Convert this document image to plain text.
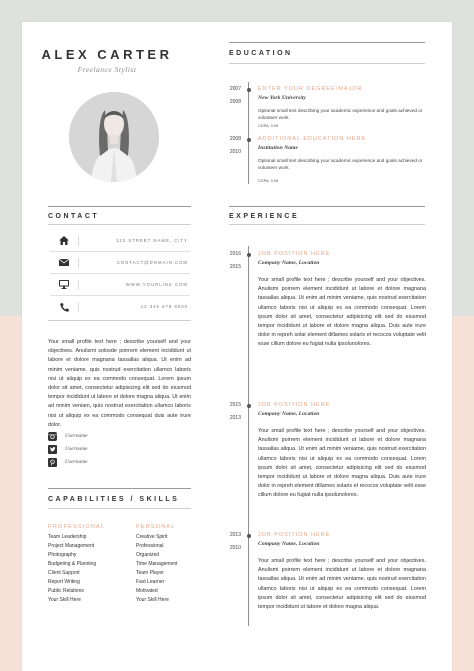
ALEX CARTER
Freelance Stylist
CONTACT
123 STREET NAME, CITY
CONTACT@DOMAIN.COM
WWW.YOURLINK.COM
12 345 678 9000
Your small profile text here ; describe yourself and your objectives. Anulismi solosde poirrem element incididunt ut labore et dolore magnana tassallas aliqua. Ut enim ad minim veniame, quis nostrud exercitation ullamco laboris nisi ut aliquip ex ea commodo consequat. Lorem ipsum dolor sit amet, consectetur adipisicing elit sed do eiusmod tempor incididunt ut labore et dolore magna aliqua. Ut enim ad minim veniam, quis nostrud exercitation ullamco laboris nisi ut aliquip ex ea commodo consequat duis aute irure dolor.
Username
Username
Username
CAPABILITIES / SKILLS
PROFESSIONAL	PERSONAL
Team Leadership
Project Management
Photography
Budgeting & Planning
Client Support
Report Writing
Public Relations
Your Skill Here
Creative Spirit
Professional
Organized
Time Management
Team Player
Fast Learner
Motivated
Your Skill Here
EDUCATION
2007
2008
ENTER YOUR DEGREE/MAJOR
New York University
Optional small text describing your academic experience and goals achieved or volunteer work.
CGPA: 3.95
2008
2010
ADDITIONAL EDUCATION HERE
Institution Name
Optional small text describing your academic experience and goals achieved or volunteer work.
CGPA: 3.95
EXPERIENCE
2016
2015
JOB POSITION HERE
Company Name, Location
Your small profile text here ; describe yourself and your objectives. Anulismi poirrem element incididunt ut labore et dolore magnana tassallas aliqua. Ut enim ad minim veniame, quis nostrud exercitation ullamco laboris nisi ut aliquip ex ea commodo consequat. Lorem ipsum dolor sit amet, consectetur adipisicing elit sed do eiusmod tempor incididunt ut labore et dolore magna aliqua. Duis aute irure dolor in repreh solar element dillames solaris et recocos voluptate velit esse cillum dolore eu fugiat nulla ipsolunolores.
2015
2013
JOB POSITION HERE
Company Name, Location
Your small profile text here ; describe yourself and your objectives. Anulismi poirrem element incididunt ut labore et dolore magnana tassallas aliqua. Ut enim ad minim veniame, quis nostrud exercitation ullamco laboris nisi ut aliquip ex ea commodo consequat. Lorem ipsum dolor sit amet, consectetur adipisicing elit sed do eiusmod tempor incididunt ut labore et dolore magna aliqua. Duis aute irure dolor in repreh element dillames solaris et recocos voluptate velit esse cillum dolore eu fugiat nulla ipsolunolores.
2013
2010
JOB POSITION HERE
Company Name, Location
Your small profile text here ; describe yourself and your objectives. Anulismi poirrem element incididunt ut labore et dolore magnana tassallas aliqua. Ut enim ad minim veniame, quis nostrud exercitation ullamco laboris nisi ut aliquip ex ea commodo consequat. Lorem ipsum dolor sit amet, consectetur adipisicing elit sed do eiusmod tempor incididunt ut labore et dolore magna aliqua.
